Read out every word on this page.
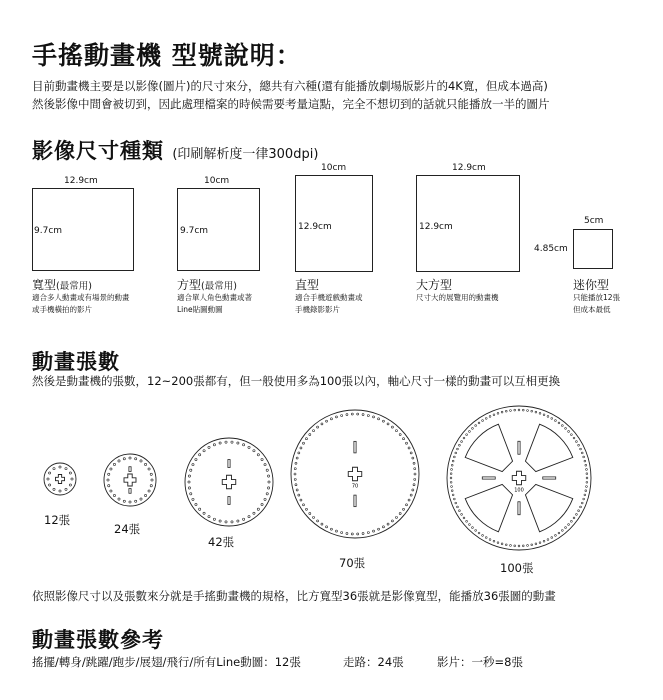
手搖動畫機 型號說明：
目前動畫機主要是以影像(圖片)的尺寸來分，總共有六種(還有能播放劇場版影片的4K寬，但成本過高)
然後影像中間會被切到，因此處理檔案的時候需要考量這點，完全不想切到的話就只能播放一半的圖片
影像尺寸種類 (印刷解析度一律300dpi)
12.9cm
9.7cm
寬型(最常用)
適合多人動畫或有場景的動畫
或手機橫拍的影片
10cm
9.7cm
方型(最常用)
適合單人角色動畫或著
Line貼圖動圖
10cm
12.9cm
直型
適合手機遊戲動畫或
手機錄影影片
12.9cm
12.9cm
大方型
尺寸大的展覽用的動畫機
5cm
4.85cm
迷你型
只能播放12張
但成本最低
動畫張數
然後是動畫機的張數，12~200張都有，但一般使用多為100張以內，軸心尺寸一樣的動畫可以互相更換
12張
24張
42張
70
70張
100
100張
依照影像尺寸以及張數來分就是手搖動畫機的規格，比方寬型36張就是影像寬型，能播放36張圖的動畫
動畫張數參考
搖擺/轉身/跳躍/跑步/展翅/飛行/所有Line動圖：12張	走路：24張	影片：一秒=8張
